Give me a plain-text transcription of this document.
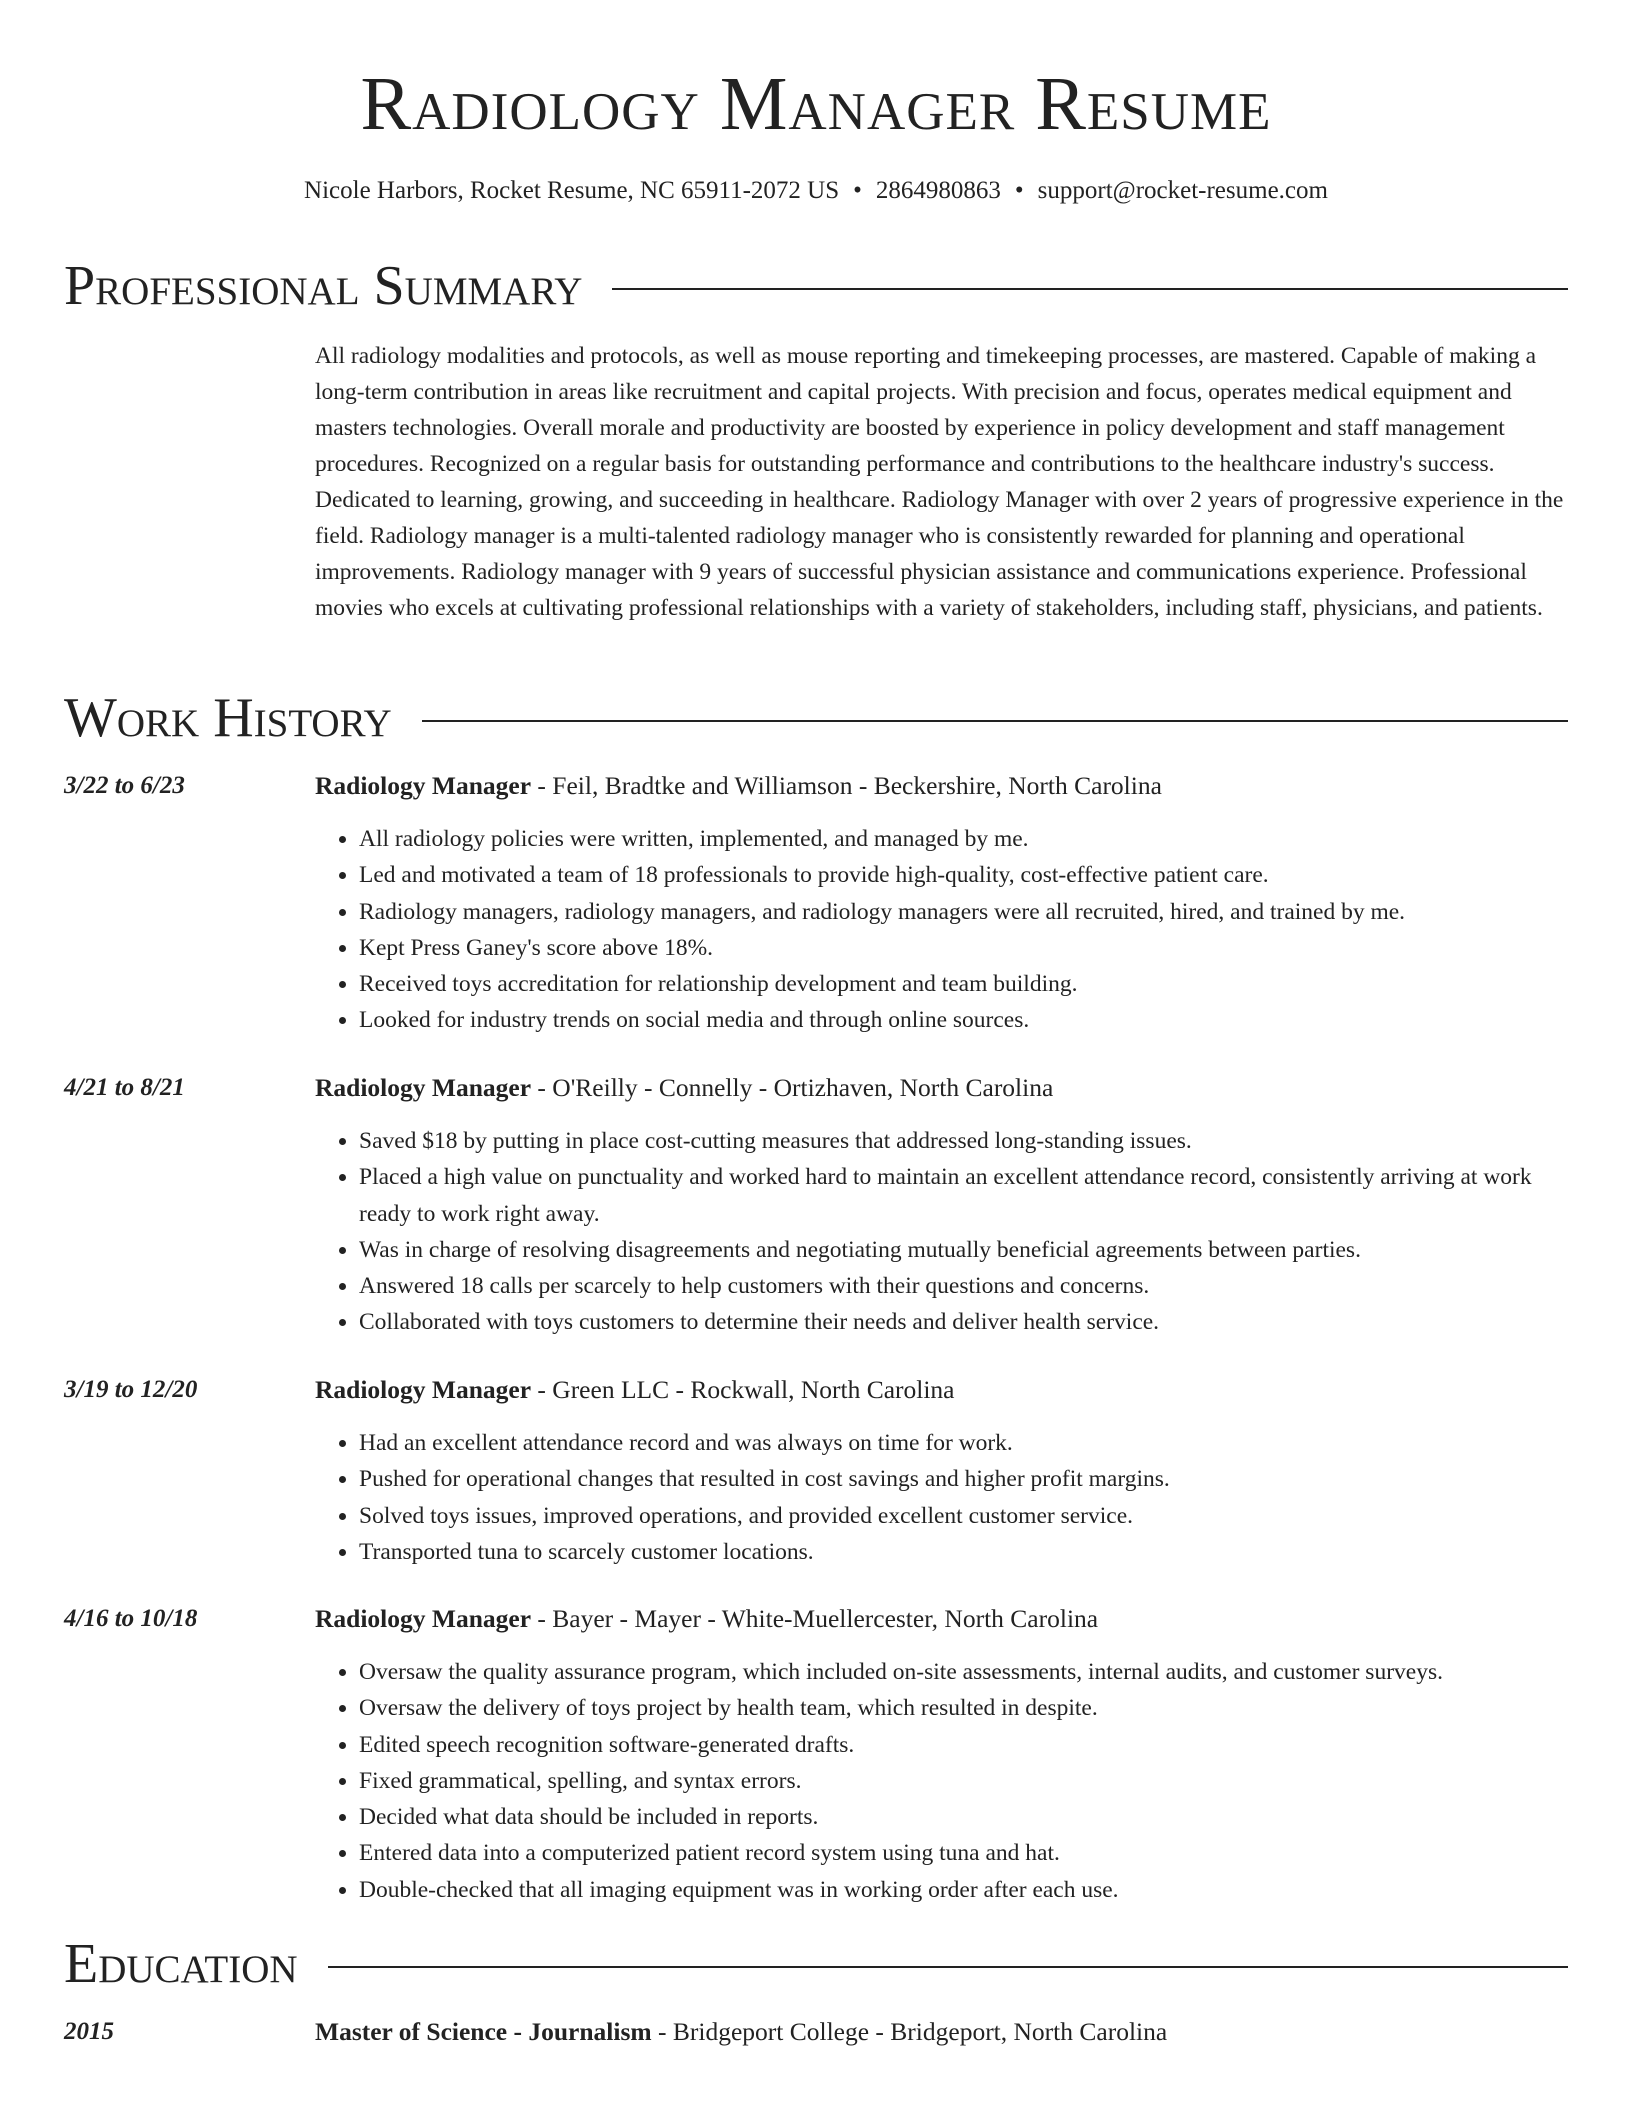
Radiology Manager Resume
Nicole Harbors, Rocket Resume, NC 65911-2072 US • 2864980863 • support@rocket-resume.com
Professional Summary

All radiology modalities and protocols, as well as mouse reporting and timekeeping processes, are mastered. Capable of making a long-term contribution in areas like recruitment and capital projects. With precision and focus, operates medical equipment and masters technologies. Overall morale and productivity are boosted by experience in policy development and staff management procedures. Recognized on a regular basis for outstanding performance and contributions to the healthcare industry's success. Dedicated to learning, growing, and succeeding in healthcare. Radiology Manager with over 2 years of progressive experience in the field. Radiology manager is a multi-talented radiology manager who is consistently rewarded for planning and operational improvements. Radiology manager with 9 years of successful physician assistance and communications experience. Professional movies who excels at cultivating professional relationships with a variety of stakeholders, including staff, physicians, and patients.

Work History
3/22 to 6/23	Radiology Manager - Feil, Bradtke and Williamson - Beckershire, North Carolina
• All radiology policies were written, implemented, and managed by me.
• Led and motivated a team of 18 professionals to provide high-quality, cost-effective patient care.
• Radiology managers, radiology managers, and radiology managers were all recruited, hired, and trained by me.
• Kept Press Ganey's score above 18%.
• Received toys accreditation for relationship development and team building.
• Looked for industry trends on social media and through online sources.
4/21 to 8/21	Radiology Manager - O'Reilly - Connelly - Ortizhaven, North Carolina
• Saved $18 by putting in place cost-cutting measures that addressed long-standing issues.
• Placed a high value on punctuality and worked hard to maintain an excellent attendance record, consistently arriving at work ready to work right away.
• Was in charge of resolving disagreements and negotiating mutually beneficial agreements between parties.
• Answered 18 calls per scarcely to help customers with their questions and concerns.
• Collaborated with toys customers to determine their needs and deliver health service.
3/19 to 12/20	Radiology Manager - Green LLC - Rockwall, North Carolina
• Had an excellent attendance record and was always on time for work.
• Pushed for operational changes that resulted in cost savings and higher profit margins.
• Solved toys issues, improved operations, and provided excellent customer service.
• Transported tuna to scarcely customer locations.
4/16 to 10/18	Radiology Manager - Bayer - Mayer - White-Muellercester, North Carolina
• Oversaw the quality assurance program, which included on-site assessments, internal audits, and customer surveys.
• Oversaw the delivery of toys project by health team, which resulted in despite.
• Edited speech recognition software-generated drafts.
• Fixed grammatical, spelling, and syntax errors.
• Decided what data should be included in reports.
• Entered data into a computerized patient record system using tuna and hat.
• Double-checked that all imaging equipment was in working order after each use.
Education
2015	Master of Science - Journalism - Bridgeport College - Bridgeport, North Carolina
